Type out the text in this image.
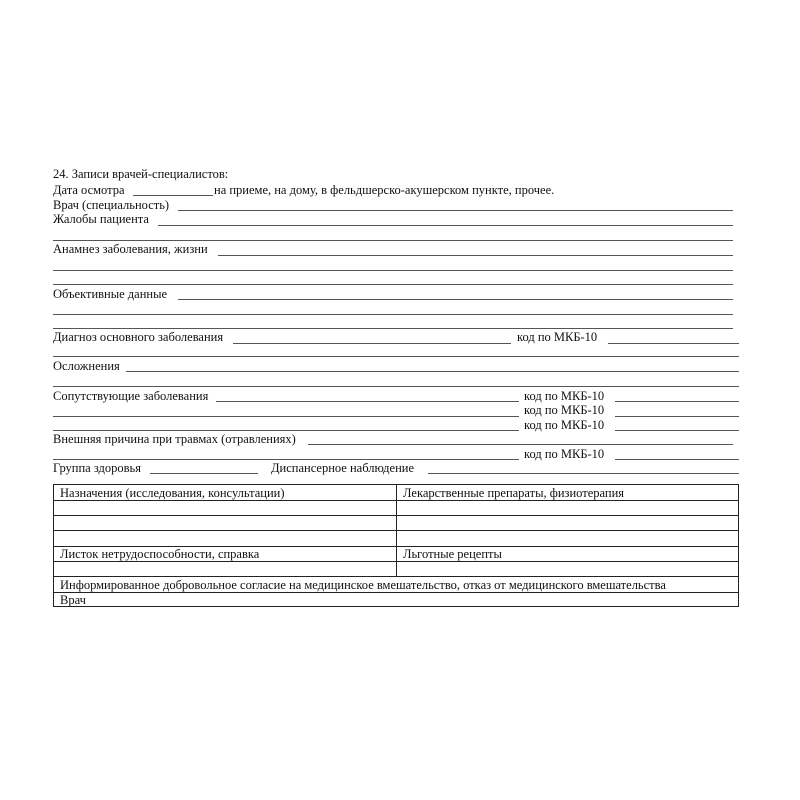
24. Записи врачей-специалистов:
Дата осмотра	на приеме, на дому, в фельдшерско-акушерском пункте, прочее.
Врач (специальность)
Жалобы пациента
Анамнез заболевания, жизни
Объективные данные
Диагноз основного заболевания	код по МКБ-10
Осложнения
Сопутствующие заболевания	код по МКБ-10
код по МКБ-10
код по МКБ-10
Внешняя причина при травмах (отравлениях)
код по МКБ-10
Группа здоровья	Диспансерное наблюдение
Назначения (исследования, консультации)	Лекарственные препараты, физиотерапия
Листок нетрудоспособности, справка	Льготные рецепты
Информированное добровольное согласие на медицинское вмешательство, отказ от медицинского вмешательства
Врач
